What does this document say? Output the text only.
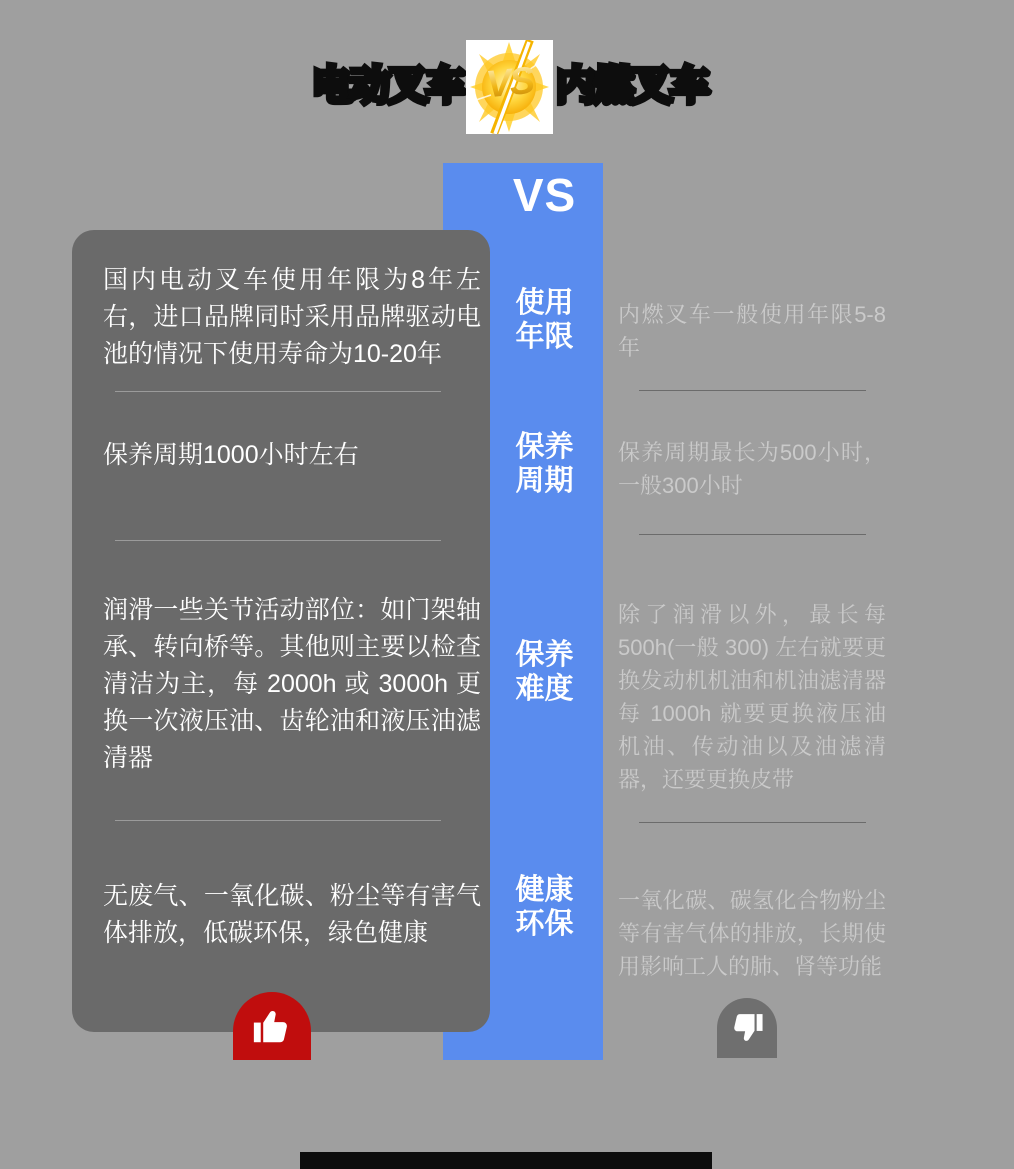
电动叉车 内燃叉车
VS
VS
使用年限
保养周期
保养难度
健康环保
国内电动叉车使用年限为8年左右，进口品牌同时采用品牌驱动电池的情况下使用寿命为10-20年
保养周期1000小时左右
润滑一些关节活动部位：如门架轴承、转向桥等。其他则主要以检查清洁为主，每 2000h 或 3000h 更换一次液压油、齿轮油和液压油滤清器
无废气、一氧化碳、粉尘等有害气体排放，低碳环保，绿色健康
内燃叉车一般使用年限5-8年
保养周期最长为500小时，一般300小时
除了润滑以外，最长每 500h(一般 300) 左右就要更换发动机机油和机油滤清器每 1000h 就要更换液压油机油、传动油以及油滤清器，还要更换皮带
一氧化碳、碳氢化合物粉尘等有害气体的排放，长期使用影响工人的肺、肾等功能
